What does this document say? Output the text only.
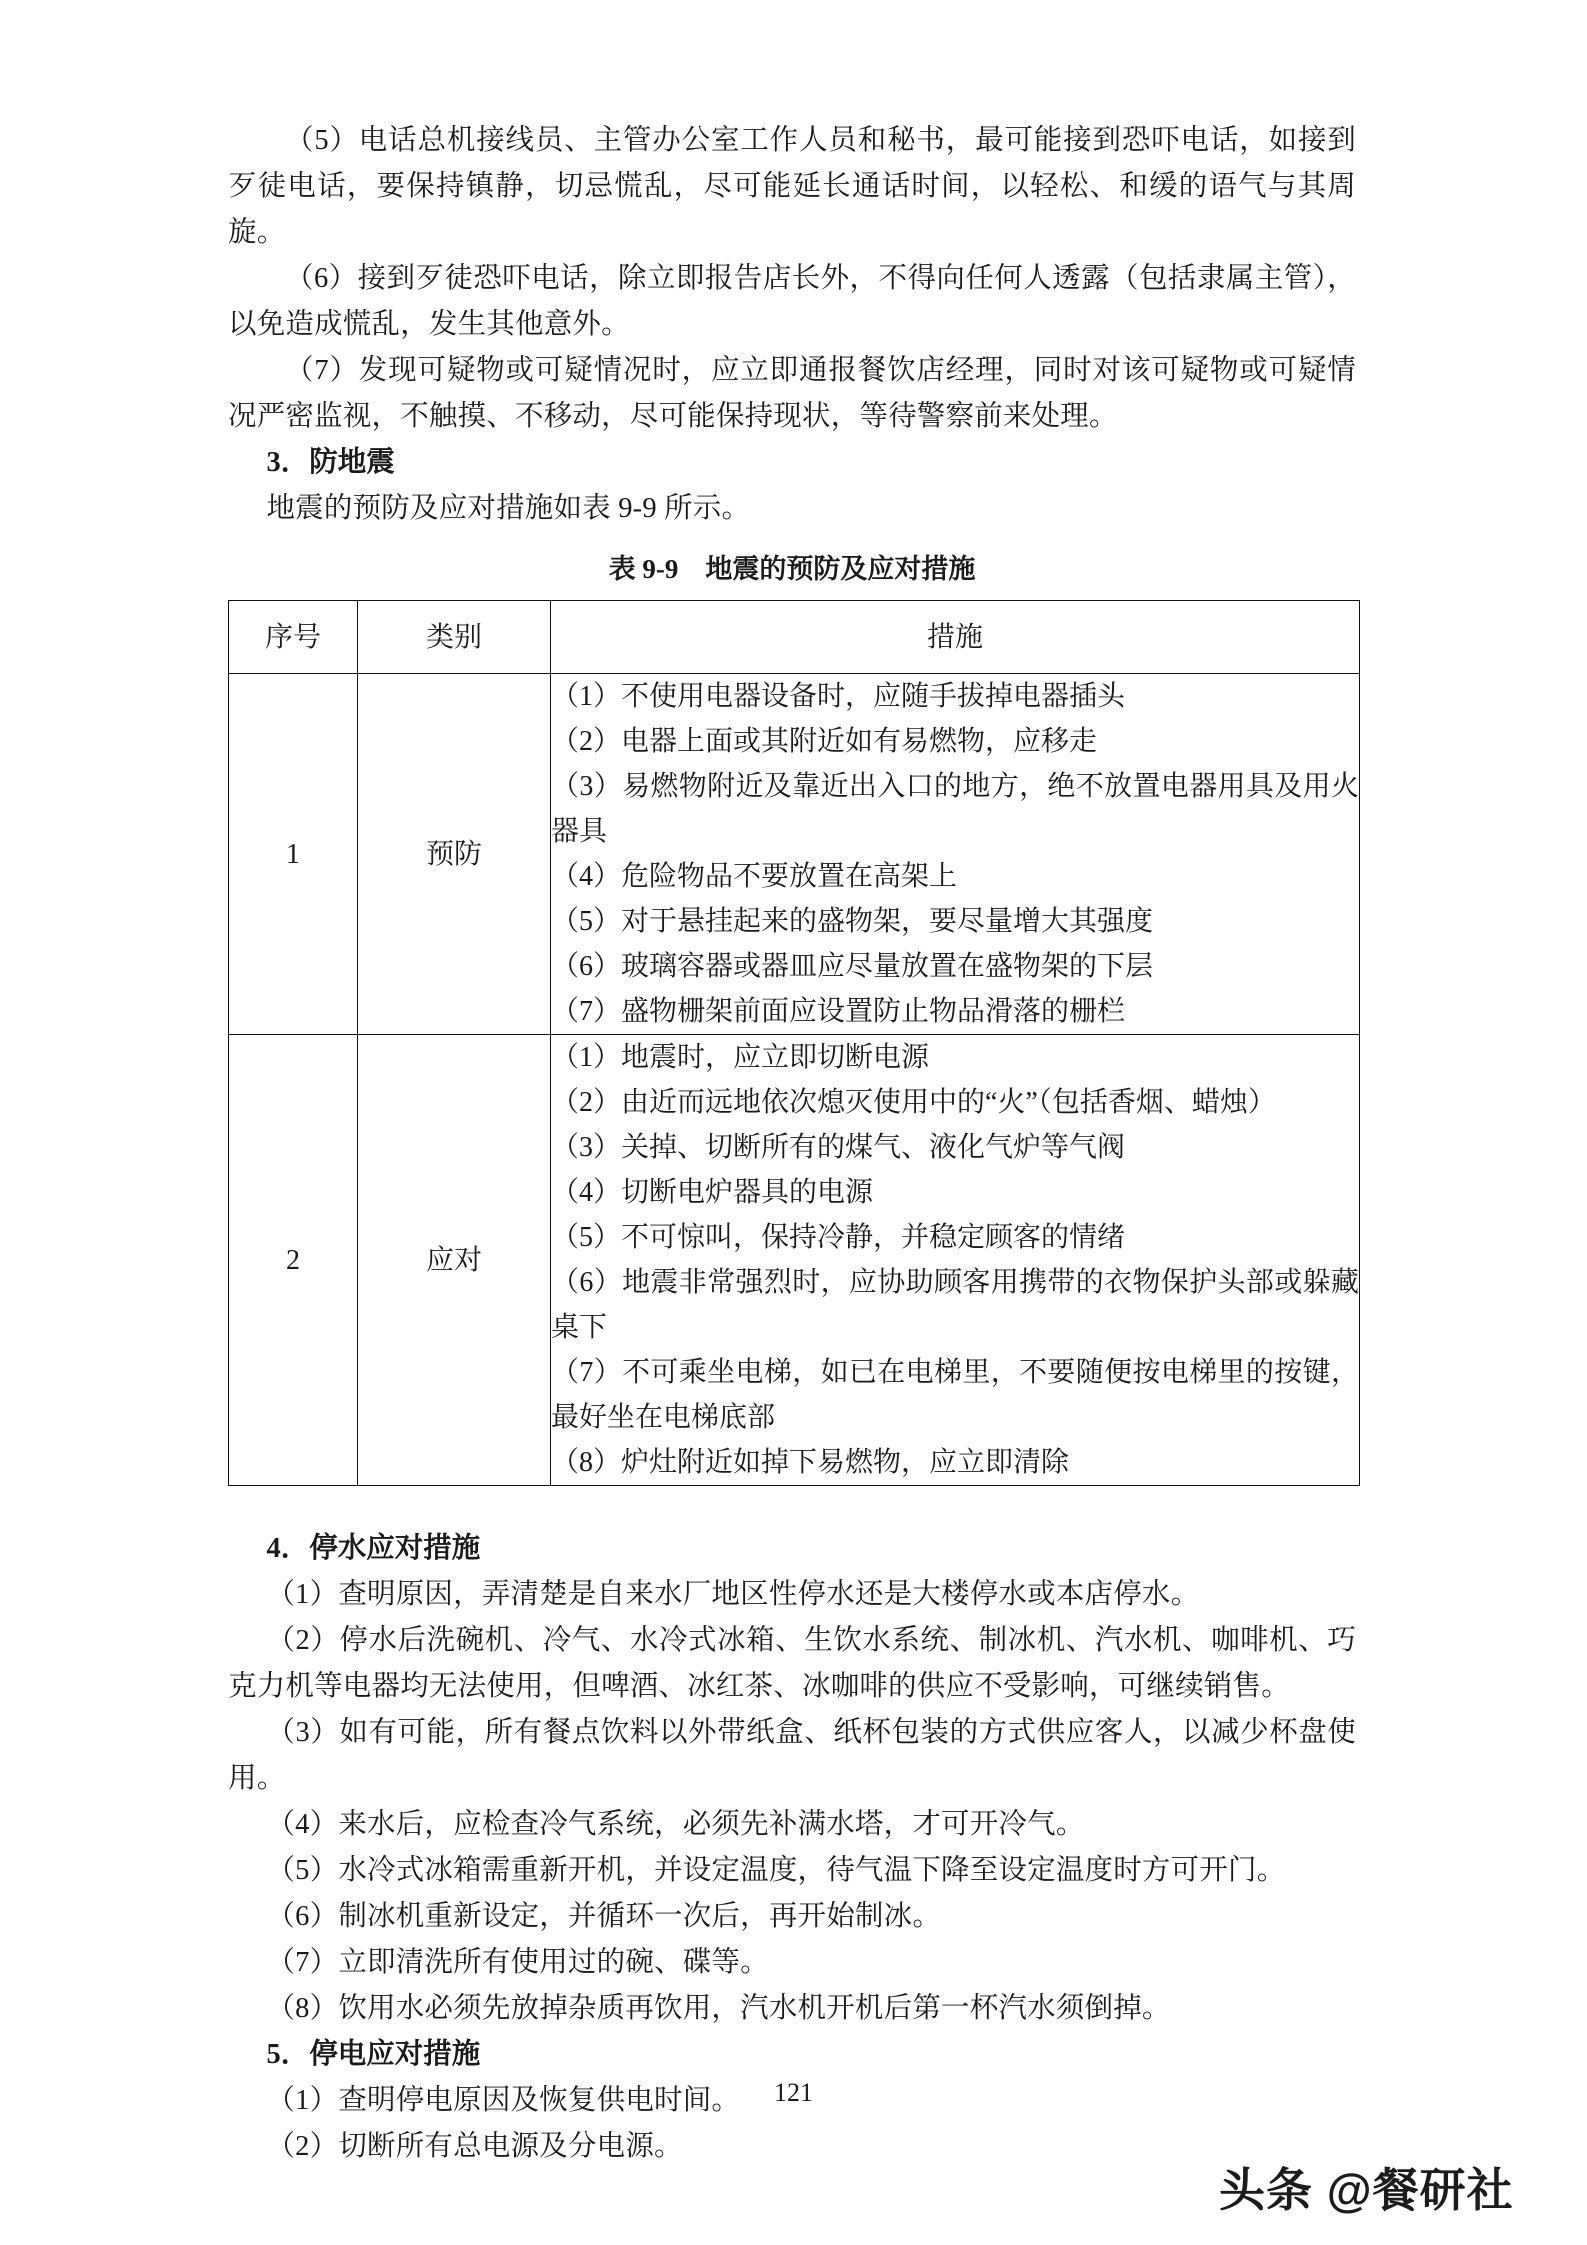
（5）电话总机接线员、主管办公室工作人员和秘书，最可能接到恐吓电话，如接到歹徒电话，要保持镇静，切忌慌乱，尽可能延长通话时间，以轻松、和缓的语气与其周旋。

（6）接到歹徒恐吓电话，除立即报告店长外，不得向任何人透露（包括隶属主管），以免造成慌乱，发生其他意外。

（7）发现可疑物或可疑情况时，应立即通报餐饮店经理，同时对该可疑物或可疑情况严密监视，不触摸、不移动，尽可能保持现状，等待警察前来处理。

3．防地震

地震的预防及应对措施如表 9-9 所示。

表 9-9　地震的预防及应对措施

序号	类别	措施
1	预防	
（1）不使用电器设备时，应随手拔掉电器插头
（2）电器上面或其附近如有易燃物，应移走
（3）易燃物附近及靠近出入口的地方，绝不放置电器用具及用火器具
（4）危险物品不要放置在高架上
（5）对于悬挂起来的盛物架，要尽量增大其强度
（6）玻璃容器或器皿应尽量放置在盛物架的下层
（7）盛物栅架前面应设置防止物品滑落的栅栏

2	应对	
（1）地震时，应立即切断电源
（2）由近而远地依次熄灭使用中的“火”（包括香烟、蜡烛）
（3）关掉、切断所有的煤气、液化气炉等气阀
（4）切断电炉器具的电源
（5）不可惊叫，保持冷静，并稳定顾客的情绪
（6）地震非常强烈时，应协助顾客用携带的衣物保护头部或躲藏桌下
（7）不可乘坐电梯，如已在电梯里，不要随便按电梯里的按键，最好坐在电梯底部
（8）炉灶附近如掉下易燃物，应立即清除

4．停水应对措施

（1）查明原因，弄清楚是自来水厂地区性停水还是大楼停水或本店停水。

（2）停水后洗碗机、冷气、水冷式冰箱、生饮水系统、制冰机、汽水机、咖啡机、巧克力机等电器均无法使用，但啤酒、冰红茶、冰咖啡的供应不受影响，可继续销售。

（3）如有可能，所有餐点饮料以外带纸盒、纸杯包装的方式供应客人，以减少杯盘使用。

（4）来水后，应检查冷气系统，必须先补满水塔，才可开冷气。

（5）水冷式冰箱需重新开机，并设定温度，待气温下降至设定温度时方可开门。

（6）制冰机重新设定，并循环一次后，再开始制冰。

（7）立即清洗所有使用过的碗、碟等。

（8）饮用水必须先放掉杂质再饮用，汽水机开机后第一杯汽水须倒掉。

5．停电应对措施

（1）查明停电原因及恢复供电时间。

（2）切断所有总电源及分电源。

121
头条 @餐研社
